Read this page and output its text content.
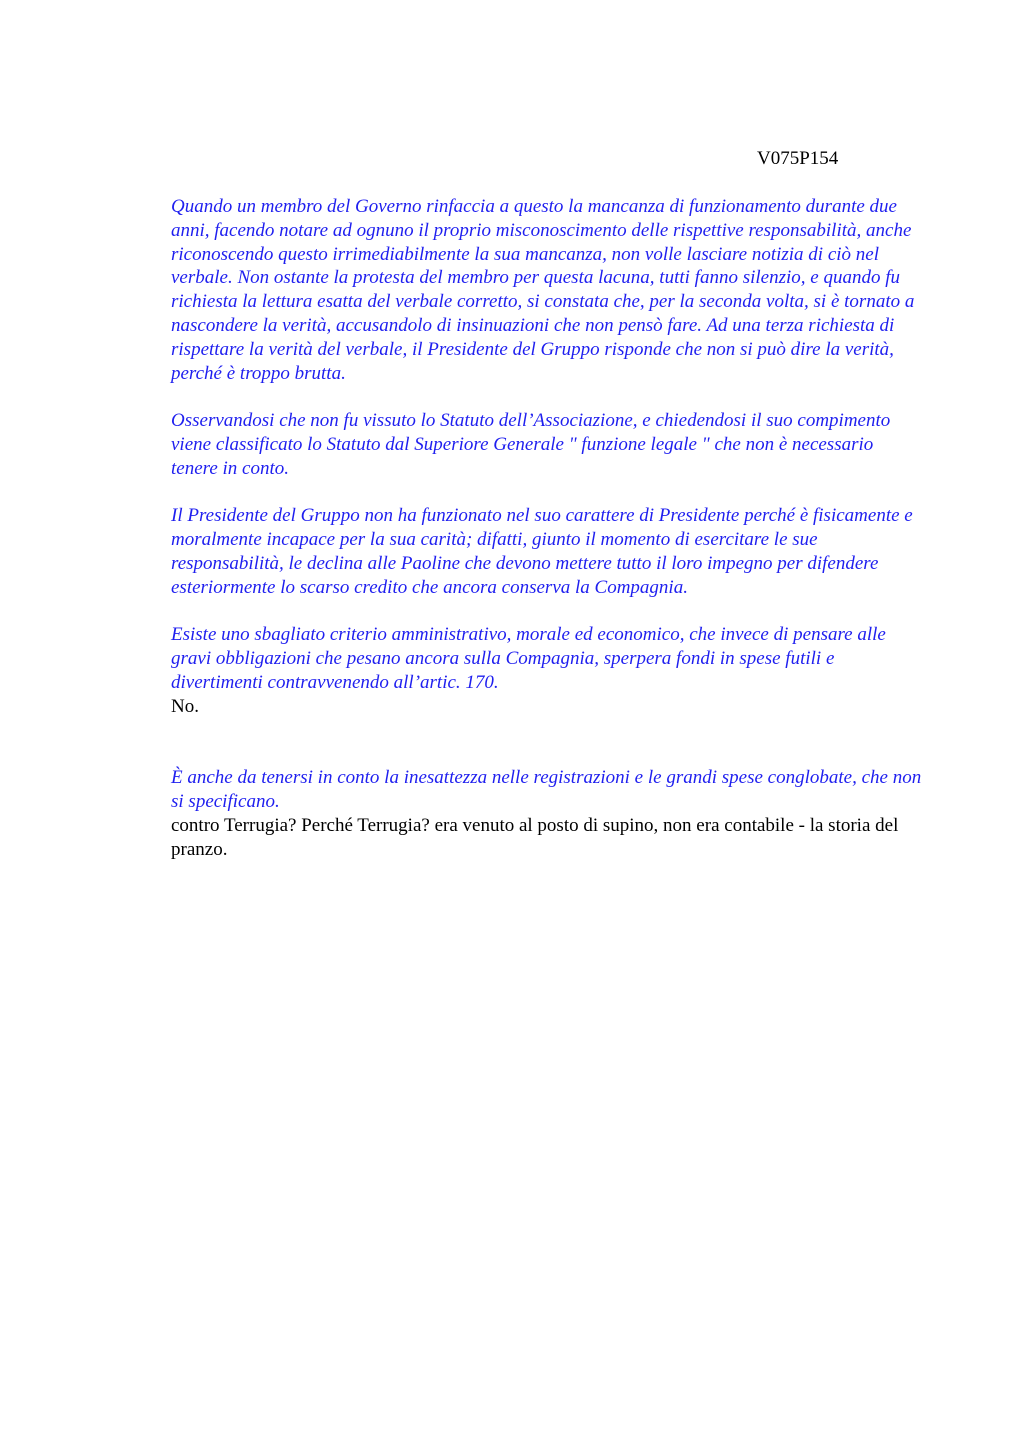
V075P154

Quando un membro del Governo rinfaccia a questo la mancanza di funzionamento durante due anni, facendo notare ad ognuno il proprio misconoscimento delle rispettive responsabilità, anche riconoscendo questo irrimediabilmente la sua mancanza, non volle lasciare notizia di ciò nel verbale. Non ostante la protesta del membro per questa lacuna, tutti fanno silenzio, e quando fu richiesta la lettura esatta del verbale corretto, si constata che, per la seconda volta, si è tornato a nascondere la verità, accusandolo di insinuazioni che non pensò fare. Ad una terza richiesta di rispettare la verità del verbale, il Presidente del Gruppo risponde che non si può dire la verità, perché è troppo brutta.

Osservandosi che non fu vissuto lo Statuto dell’Associazione, e chiedendosi il suo compimento viene classificato lo Statuto dal Superiore Generale " funzione legale " che non è necessario tenere in conto.

Il Presidente del Gruppo non ha funzionato nel suo carattere di Presidente perché è fisicamente e moralmente incapace per la sua carità; difatti, giunto il momento di esercitare le sue responsabilità, le declina alle Paoline che devono mettere tutto il loro impegno per difendere esteriormente lo scarso credito che ancora conserva la Compagnia.

Esiste uno sbagliato criterio amministrativo, morale ed economico, che invece di pensare alle gravi obbligazioni che pesano ancora sulla Compagnia, sperpera fondi in spese futili e divertimenti contravvenendo all’artic. 170.

No.

È anche da tenersi in conto la inesattezza nelle registrazioni e le grandi spese conglobate, che non si specificano.

contro Terrugia? Perché Terrugia? era venuto al posto di supino, non era contabile - la storia del pranzo.
